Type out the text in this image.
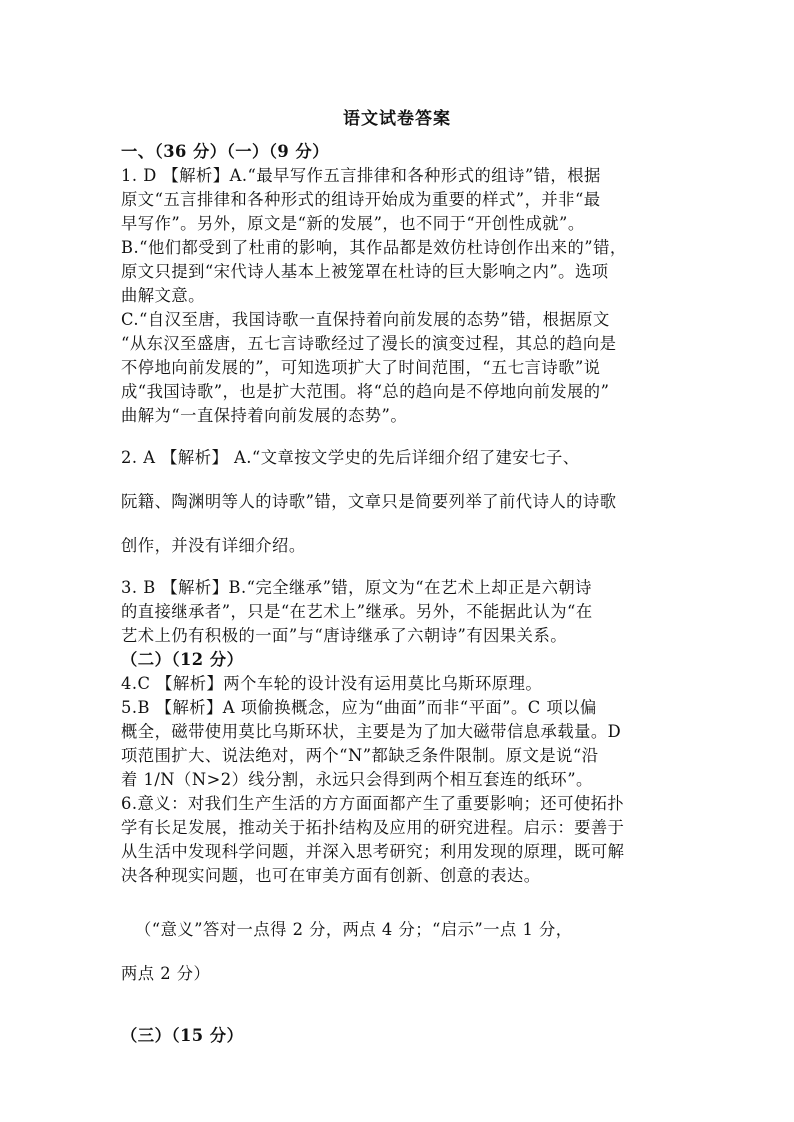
语文试卷答案
一、（36 分）（一）（9 分）
1. D 【解析】A.“最早写作五言排律和各种形式的组诗”错，根据
原文“五言排律和各种形式的组诗开始成为重要的样式”，并非“最
早写作”。另外，原文是“新的发展”，也不同于“开创性成就”。
B.“他们都受到了杜甫的影响，其作品都是效仿杜诗创作出来的”错，
原文只提到“宋代诗人基本上被笼罩在杜诗的巨大影响之内”。选项
曲解文意。
C.“自汉至唐，我国诗歌一直保持着向前发展的态势”错，根据原文
“从东汉至盛唐，五七言诗歌经过了漫长的演变过程，其总的趋向是
不停地向前发展的”，可知选项扩大了时间范围，“五七言诗歌”说
成“我国诗歌”，也是扩大范围。将“总的趋向是不停地向前发展的”
曲解为“一直保持着向前发展的态势”。
2. A 【解析】 A.“文章按文学史的先后详细介绍了建安七子、
阮籍、陶渊明等人的诗歌”错，文章只是简要列举了前代诗人的诗歌
创作，并没有详细介绍。
3. B 【解析】B.“完全继承”错，原文为“在艺术上却正是六朝诗
的直接继承者”，只是“在艺术上”继承。另外，不能据此认为“在
艺术上仍有积极的一面”与“唐诗继承了六朝诗”有因果关系。
（二）（12 分）
4.C 【解析】两个车轮的设计没有运用莫比乌斯环原理。
5.B 【解析】A 项偷换概念，应为“曲面”而非“平面”。C 项以偏
概全，磁带使用莫比乌斯环状，主要是为了加大磁带信息承载量。D
项范围扩大、说法绝对，两个“N”都缺乏条件限制。原文是说“沿
着 1/N（N>2）线分割，永远只会得到两个相互套连的纸环”。
6.意义：对我们生产生活的方方面面都产生了重要影响；还可使拓扑
学有长足发展，推动关于拓扑结构及应用的研究进程。启示：要善于
从生活中发现科学问题，并深入思考研究；利用发现的原理，既可解
决各种现实问题，也可在审美方面有创新、创意的表达。
（“意义”答对一点得 2 分，两点 4 分；“启示”一点 1 分，
两点 2 分）
（三）（15 分）
